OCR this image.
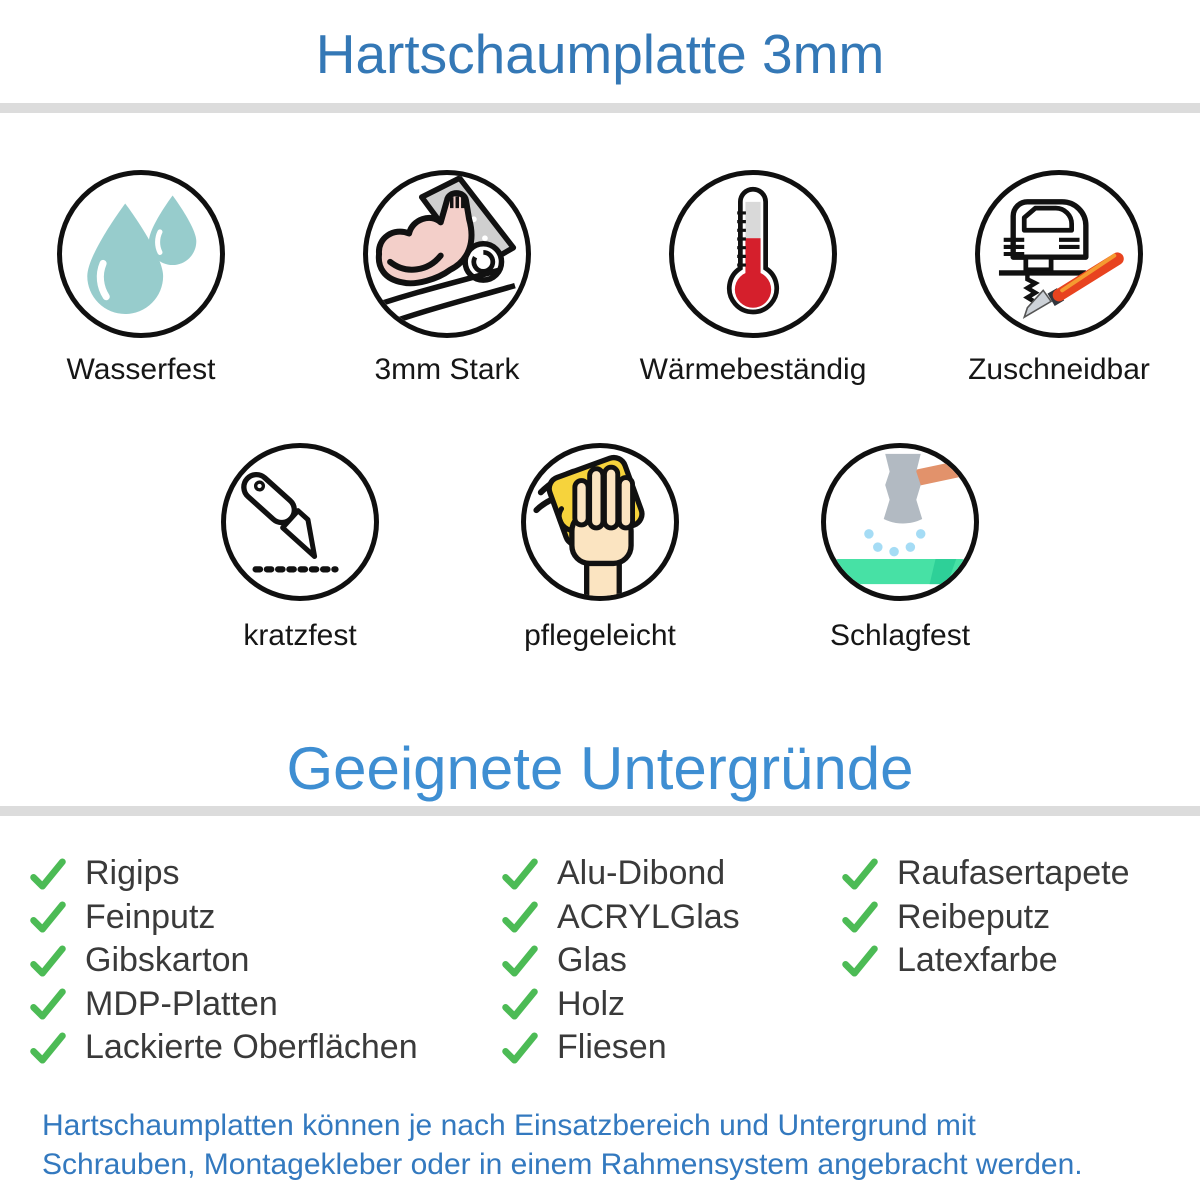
Hartschaumplatte 3mm
Wasserfest	3mm Stark	Wärmebeständig	Zuschneidbar
kratzfest	pflegeleicht	Schlagfest
Geeignete Untergründe
Rigips
Feinputz
Gibskarton
MDP-Platten
Lackierte Oberflächen
Alu-Dibond
ACRYLGlas
Glas
Holz
Fliesen
Raufasertapete
Reibeputz
Latexfarbe

Hartschaumplatten können je nach Einsatzbereich und Untergrund mit
Schrauben, Montagekleber oder in einem Rahmensystem angebracht werden.
